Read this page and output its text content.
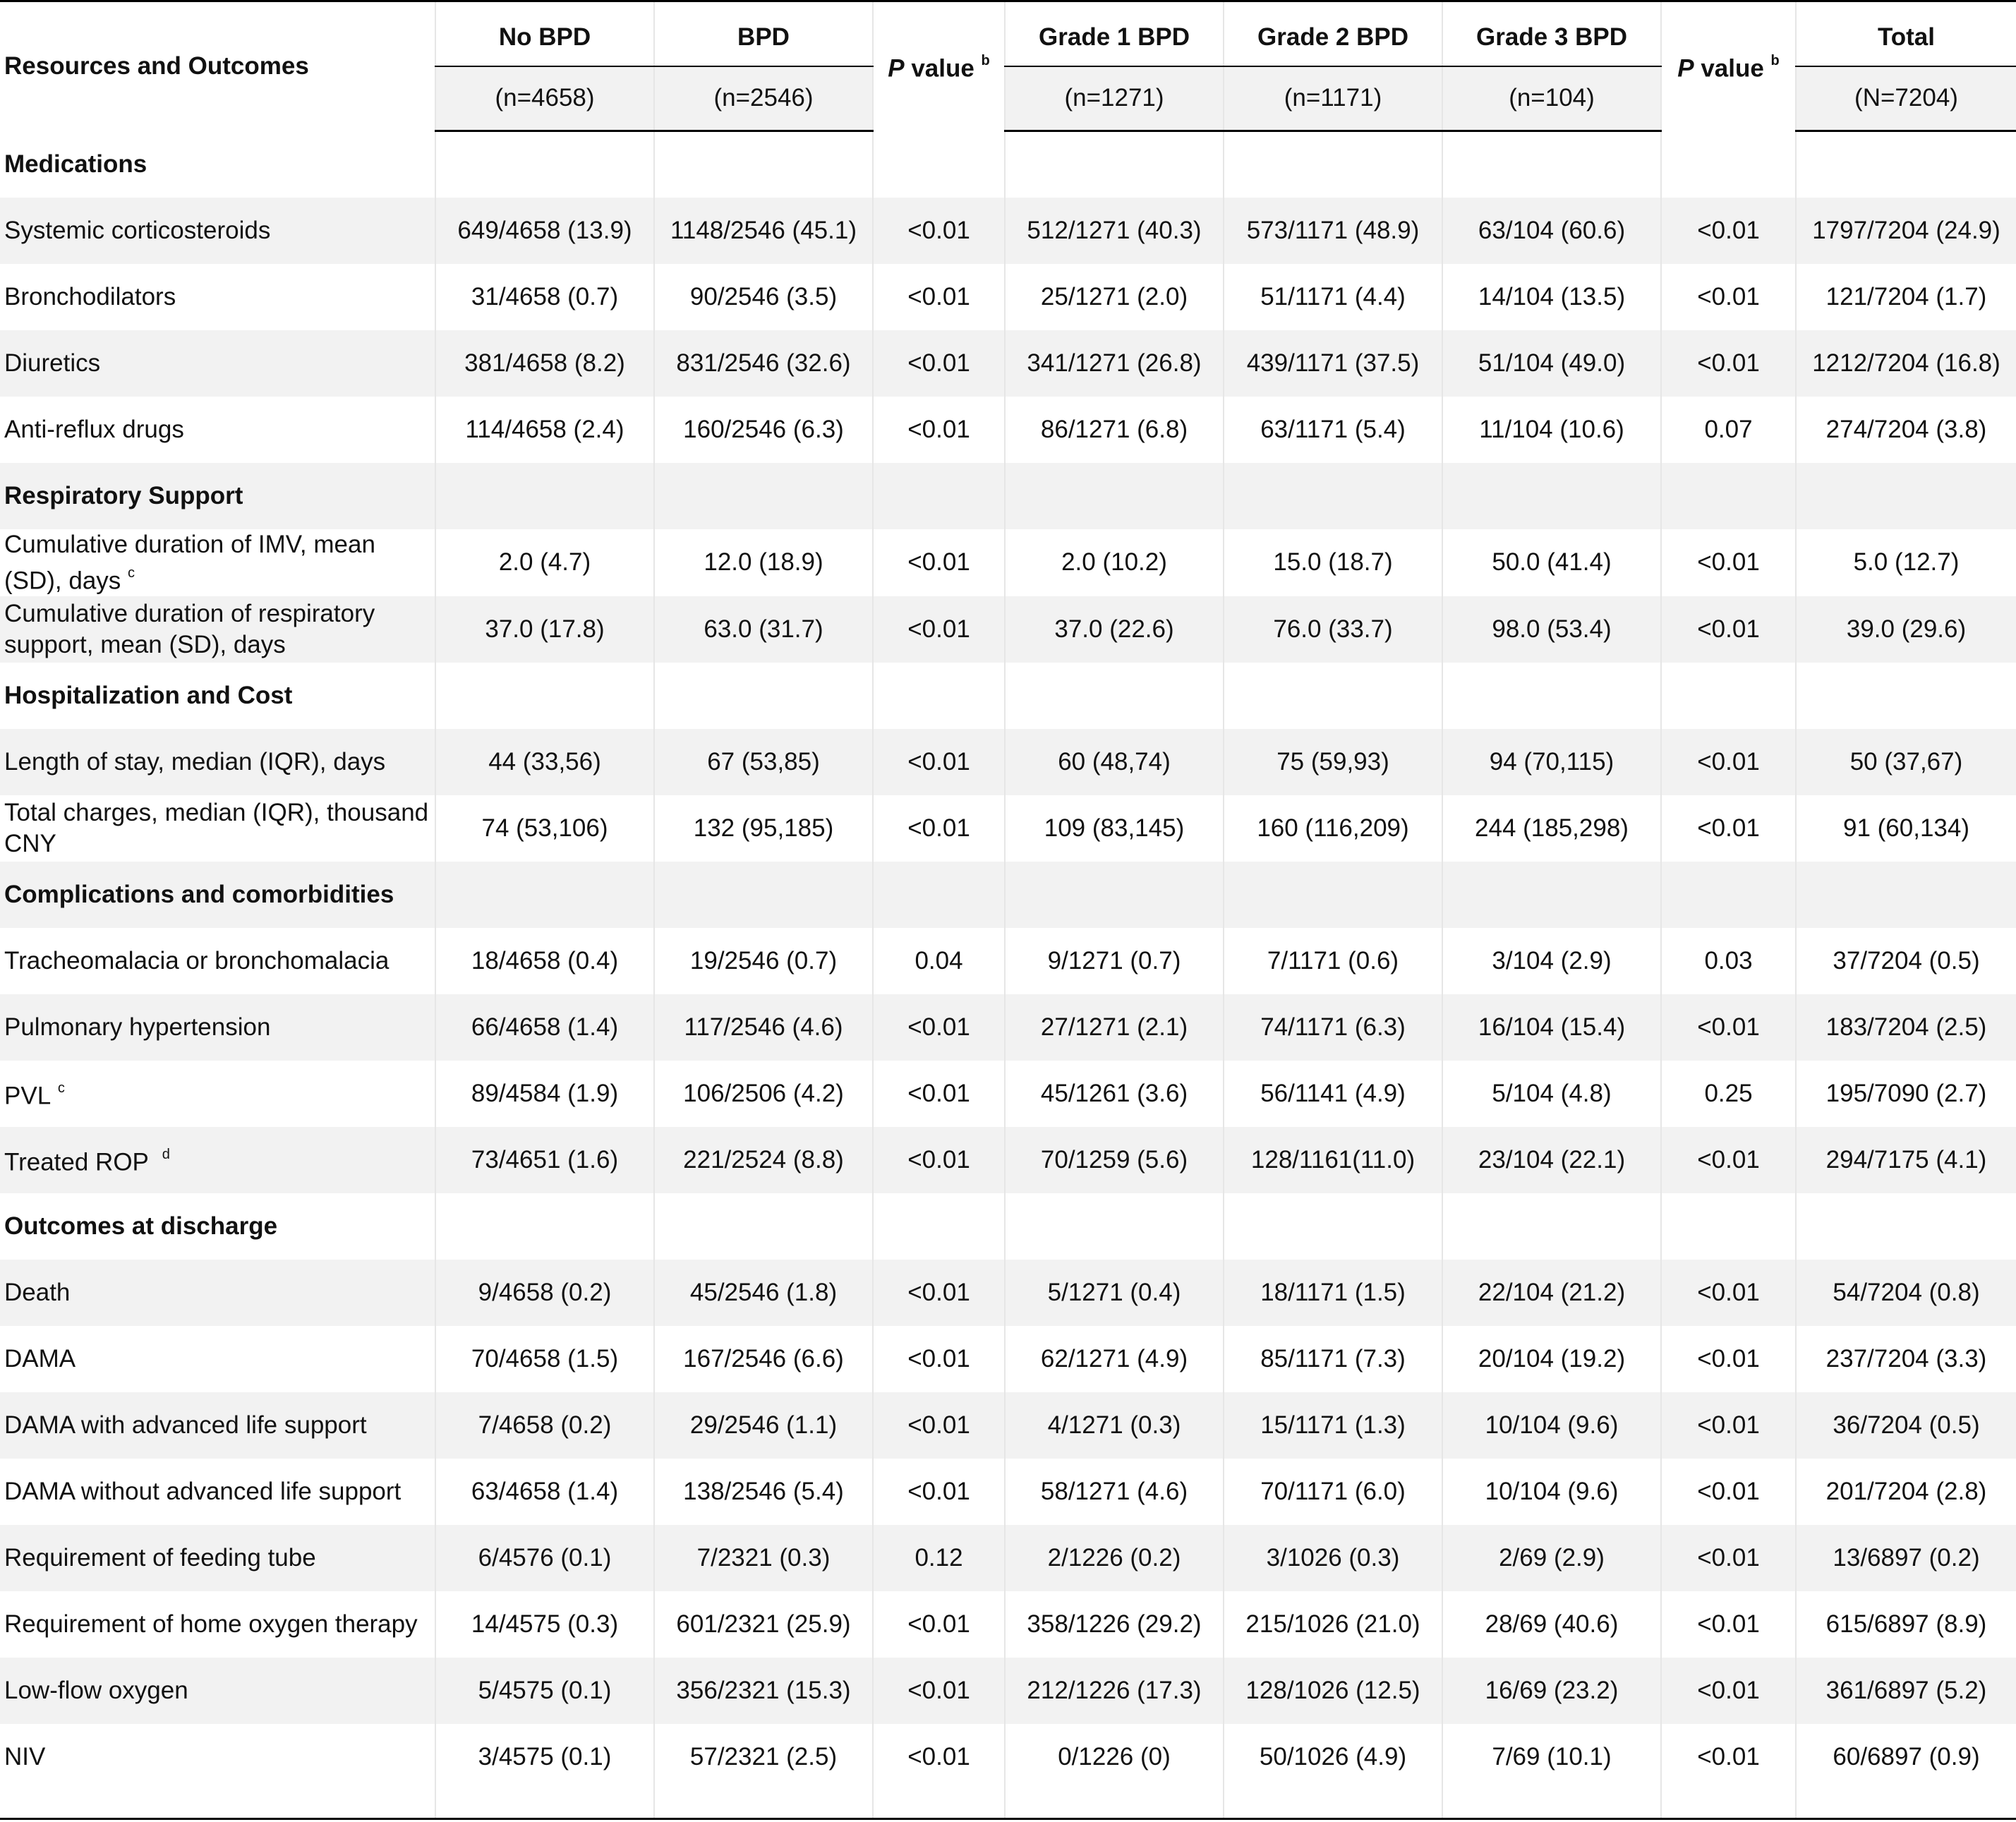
Resources and Outcomes	No BPD	BPD	P value $^b$	Grade 1 BPD	Grade 2 BPD	Grade 3 BPD	P value $^b$	Total
	(n=4658)	(n=2546)		(n=1271)	(n=1171)	(n=104)		(N=7204)
Medications								
Systemic corticosteroids	649/4658 (13.9)	1148/2546 (45.1)	<0.01	512/1271 (40.3)	573/1171 (48.9)	63/104 (60.6)	<0.01	1797/7204 (24.9)
Bronchodilators	31/4658 (0.7)	90/2546 (3.5)	<0.01	25/1271 (2.0)	51/1171 (4.4)	14/104 (13.5)	<0.01	121/7204 (1.7)
Diuretics	381/4658 (8.2)	831/2546 (32.6)	<0.01	341/1271 (26.8)	439/1171 (37.5)	51/104 (49.0)	<0.01	1212/7204 (16.8)
Anti-reflux drugs	114/4658 (2.4)	160/2546 (6.3)	<0.01	86/1271 (6.8)	63/1171 (5.4)	11/104 (10.6)	0.07	274/7204 (3.8)
Respiratory Support								
Cumulative duration of IMV, mean (SD), days $^c$	2.0 (4.7)	12.0 (18.9)	<0.01	2.0 (10.2)	15.0 (18.7)	50.0 (41.4)	<0.01	5.0 (12.7)
Cumulative duration of respiratory support, mean (SD), days	37.0 (17.8)	63.0 (31.7)	<0.01	37.0 (22.6)	76.0 (33.7)	98.0 (53.4)	<0.01	39.0 (29.6)
Hospitalization and Cost								
Length of stay, median (IQR), days	44 (33,56)	67 (53,85)	<0.01	60 (48,74)	75 (59,93)	94 (70,115)	<0.01	50 (37,67)
Total charges, median (IQR), thousand CNY	74 (53,106)	132 (95,185)	<0.01	109 (83,145)	160 (116,209)	244 (185,298)	<0.01	91 (60,134)
Complications and comorbidities								
Tracheomalacia or bronchomalacia	18/4658 (0.4)	19/2546 (0.7)	0.04	9/1271 (0.7)	7/1171 (0.6)	3/104 (2.9)	0.03	37/7204 (0.5)
Pulmonary hypertension	66/4658 (1.4)	117/2546 (4.6)	<0.01	27/1271 (2.1)	74/1171 (6.3)	16/104 (15.4)	<0.01	183/7204 (2.5)
PVL $^c$	89/4584 (1.9)	106/2506 (4.2)	<0.01	45/1261 (3.6)	56/1141 (4.9)	5/104 (4.8)	0.25	195/7090 (2.7)
Treated ROP  $^d$	73/4651 (1.6)	221/2524 (8.8)	<0.01	70/1259 (5.6)	128/1161(11.0)	23/104 (22.1)	<0.01	294/7175 (4.1)
Outcomes at discharge								
Death	9/4658 (0.2)	45/2546 (1.8)	<0.01	5/1271 (0.4)	18/1171 (1.5)	22/104 (21.2)	<0.01	54/7204 (0.8)
DAMA	70/4658 (1.5)	167/2546 (6.6)	<0.01	62/1271 (4.9)	85/1171 (7.3)	20/104 (19.2)	<0.01	237/7204 (3.3)
DAMA with advanced life support	7/4658 (0.2)	29/2546 (1.1)	<0.01	4/1271 (0.3)	15/1171 (1.3)	10/104 (9.6)	<0.01	36/7204 (0.5)
DAMA without advanced life support	63/4658 (1.4)	138/2546 (5.4)	<0.01	58/1271 (4.6)	70/1171 (6.0)	10/104 (9.6)	<0.01	201/7204 (2.8)
Requirement of feeding tube	6/4576 (0.1)	7/2321 (0.3)	0.12	2/1226 (0.2)	3/1026 (0.3)	2/69 (2.9)	<0.01	13/6897 (0.2)
Requirement of home oxygen therapy	14/4575 (0.3)	601/2321 (25.9)	<0.01	358/1226 (29.2)	215/1026 (21.0)	28/69 (40.6)	<0.01	615/6897 (8.9)
Low-flow oxygen	5/4575 (0.1)	356/2321 (15.3)	<0.01	212/1226 (17.3)	128/1026 (12.5)	16/69 (23.2)	<0.01	361/6897 (5.2)
NIV	3/4575 (0.1)	57/2321 (2.5)	<0.01	0/1226 (0)	50/1026 (4.9)	7/69 (10.1)	<0.01	60/6897 (0.9)
